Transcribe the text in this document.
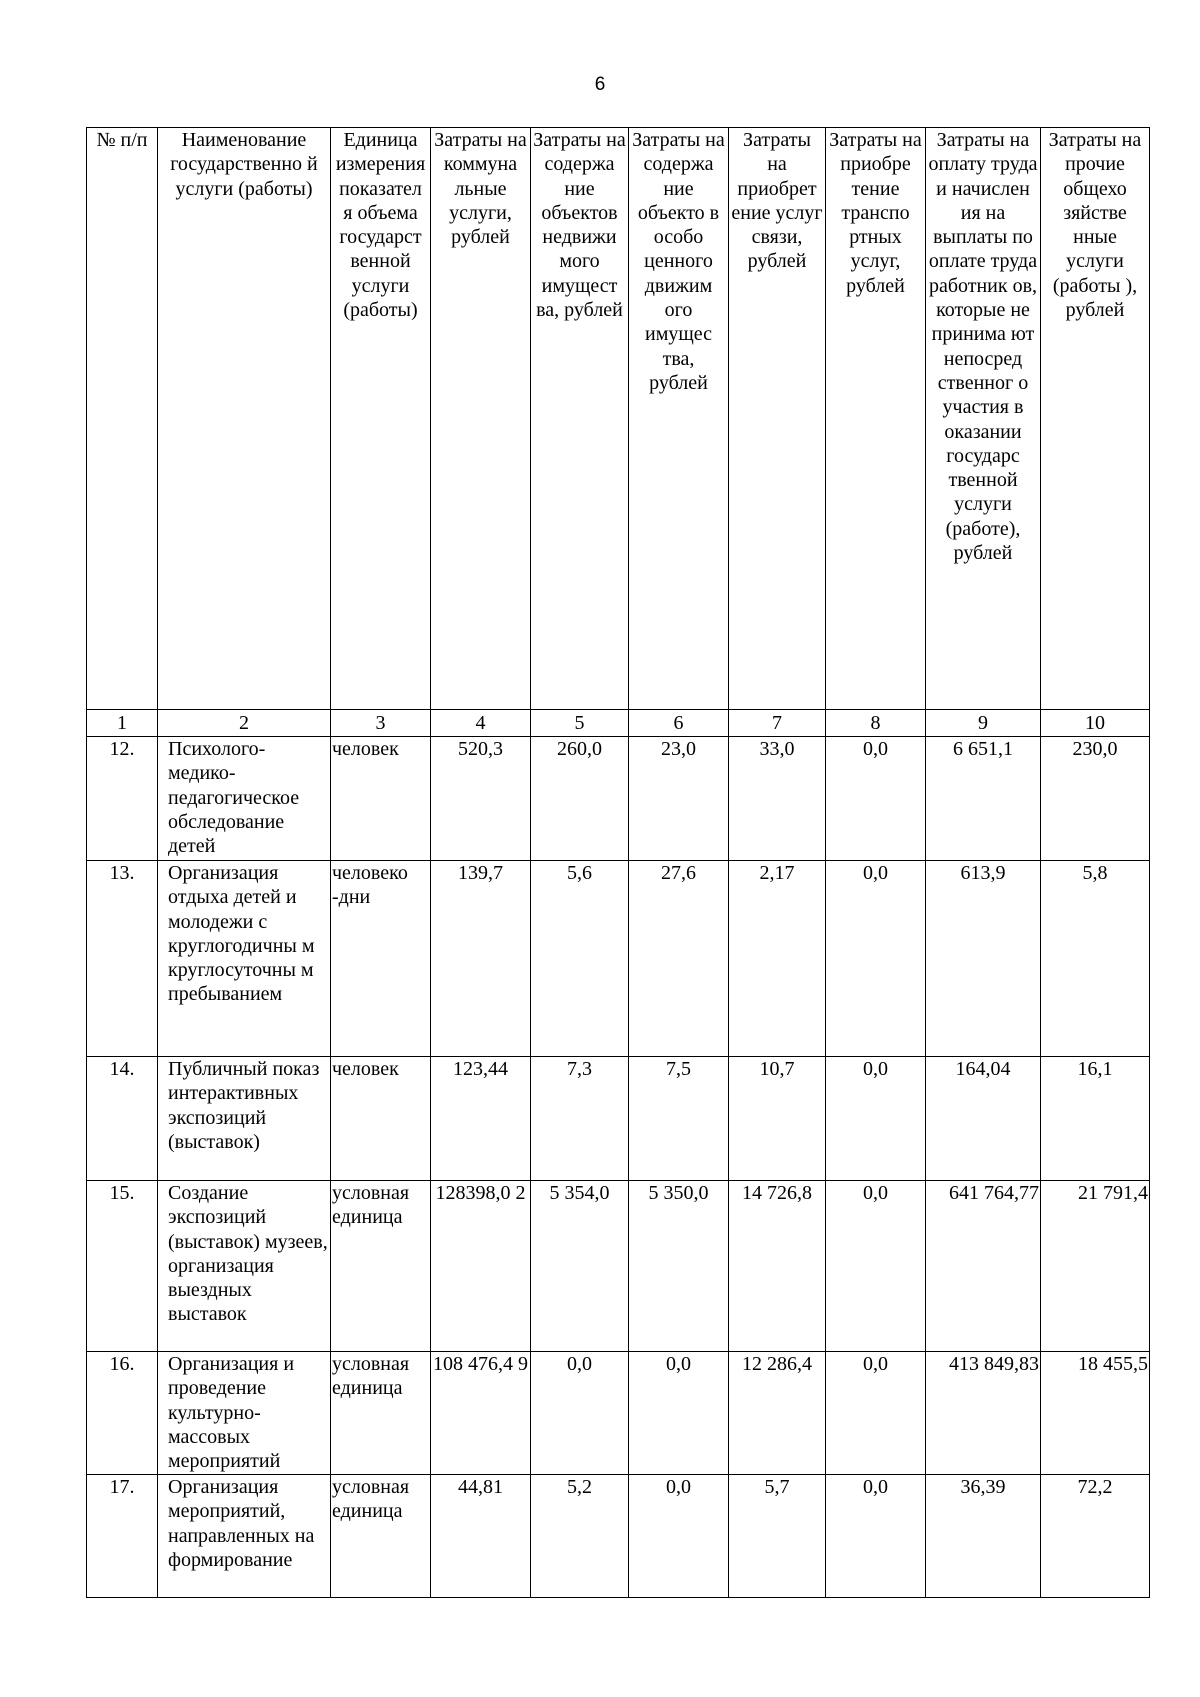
6
№ п/п	Наименование государственно й услуги (работы)	Единица измерения показател я объема государст венной услуги (работы)	Затраты на коммуна льные услуги, рублей	Затраты на содержа ние объектов недвижи мого имущест ва, рублей	Затраты на содержа ние объекто в особо ценного движим ого имущес тва, рублей	Затраты на приобрет ение услуг связи, рублей	Затраты на приобре тение транспо ртных услуг, рублей	Затраты на оплату труда и начислен ия на выплаты по оплате труда работник ов, которые не принима ют непосред ственног о участия в оказании государс твенной услуги (работе), рублей	Затраты на прочие общехо зяйстве нные услуги (работы ), рублей
1	2	3	4	5	6	7	8	9	10
12.	Психолого-медико-педагогическое обследование детей	человек	520,3	260,0	23,0	33,0	0,0	6 651,1	230,0
13.	Организация отдыха детей и молодежи с круглогодичны м круглосуточны м пребыванием	человеко -дни	139,7	5,6	27,6	2,17	0,0	613,9	5,8
14.	Публичный показ интерактивных экспозиций (выставок)	человек	123,44	7,3	7,5	10,7	0,0	164,04	16,1
15.	Создание экспозиций (выставок) музеев, организация выездных выставок	условная единица	128398,0 2	5 354,0	5 350,0	14 726,8	0,0	641 764,77	21 791,4
16.	Организация и проведение культурно-массовых мероприятий	условная единица	108 476,4 9	0,0	0,0	12 286,4	0,0	413 849,83	18 455,5
17.	Организация мероприятий, направленных на формирование	условная единица	44,81	5,2	0,0	5,7	0,0	36,39	72,2
